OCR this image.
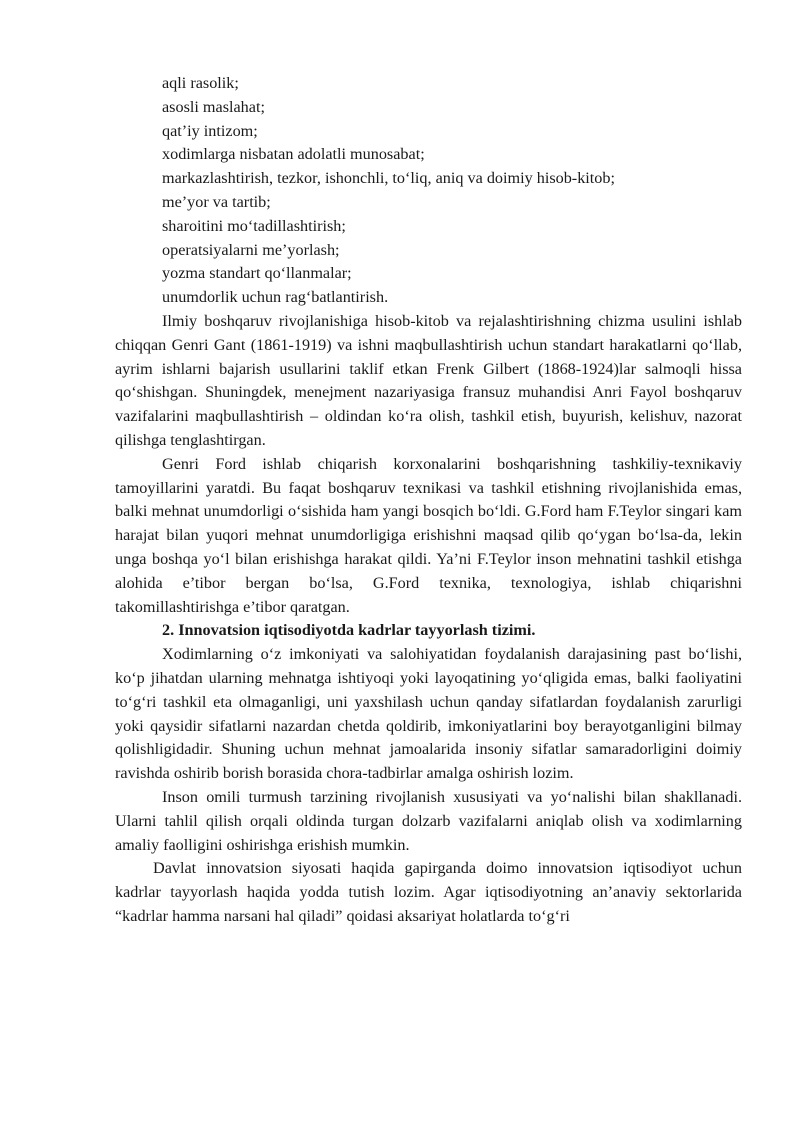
aqli rasolik;
asosli maslahat;
qat’iy intizom;
xodimlarga nisbatan adolatli munosabat;
markazlashtirish, tezkor, ishonchli, to‘liq, aniq va doimiy hisob-kitob;
me’yor va tartib;
sharoitini mo‘tadillashtirish;
operatsiyalarni me’yorlash;
yozma standart qo‘llanmalar;
unumdorlik uchun rag‘batlantirish.

Ilmiy boshqaruv rivojlanishiga hisob-kitob va rejalashtirishning chizma usulini ishlab chiqqan Genri Gant (1861-1919) va ishni maqbullashtirish uchun standart harakatlarni qo‘llab, ayrim ishlarni bajarish usullarini taklif etkan Frenk Gilbert (1868-1924)lar salmoqli hissa qo‘shishgan. Shuningdek, menejment nazariyasiga fransuz muhandisi Anri Fayol boshqaruv vazifalarini maqbullashtirish – oldindan ko‘ra olish, tashkil etish, buyurish, kelishuv, nazorat qilishga tenglashtirgan.

Genri Ford ishlab chiqarish korxonalarini boshqarishning tashkiliy-texnikaviy tamoyillarini yaratdi. Bu faqat boshqaruv texnikasi va tashkil etishning rivojlanishida emas, balki mehnat unumdorligi o‘sishida ham yangi bosqich bo‘ldi. G.Ford ham F.Teylor singari kam harajat bilan yuqori mehnat unumdorligiga erishishni maqsad qilib qo‘ygan bo‘lsa-da, lekin unga boshqa yo‘l bilan erishishga harakat qildi. Ya’ni F.Teylor inson mehnatini tashkil etishga alohida e’tibor bergan bo‘lsa, G.Ford texnika, texnologiya, ishlab chiqarishni takomillashtirishga e’tibor qaratgan.

2. Innovatsion iqtisodiyotda kadrlar tayyorlash tizimi.

Xodimlarning o‘z imkoniyati va salohiyatidan foydalanish darajasining past bo‘lishi, ko‘p jihatdan ularning mehnatga ishtiyoqi yoki layoqatining yo‘qligida emas, balki faoliyatini to‘g‘ri tashkil eta olmaganligi, uni yaxshilash uchun qanday sifatlardan foydalanish zarurligi yoki qaysidir sifatlarni nazardan chetda qoldirib, imkoniyatlarini boy berayotganligini bilmay qolishligidadir. Shuning uchun mehnat jamoalarida insoniy sifatlar samaradorligini doimiy ravishda oshirib borish borasida chora-tadbirlar amalga oshirish lozim.

Inson omili turmush tarzining rivojlanish xususiyati va yo‘nalishi bilan shakllanadi. Ularni tahlil qilish orqali oldinda turgan dolzarb vazifalarni aniqlab olish va xodimlarning amaliy faolligini oshirishga erishish mumkin.

Davlat innovatsion siyosati haqida gapirganda doimo innovatsion iqtisodiyot uchun kadrlar tayyorlash haqida yodda tutish lozim. Agar iqtisodiyotning an’anaviy sektorlarida “kadrlar hamma narsani hal qiladi” qoidasi aksariyat holatlarda to‘g‘ri
